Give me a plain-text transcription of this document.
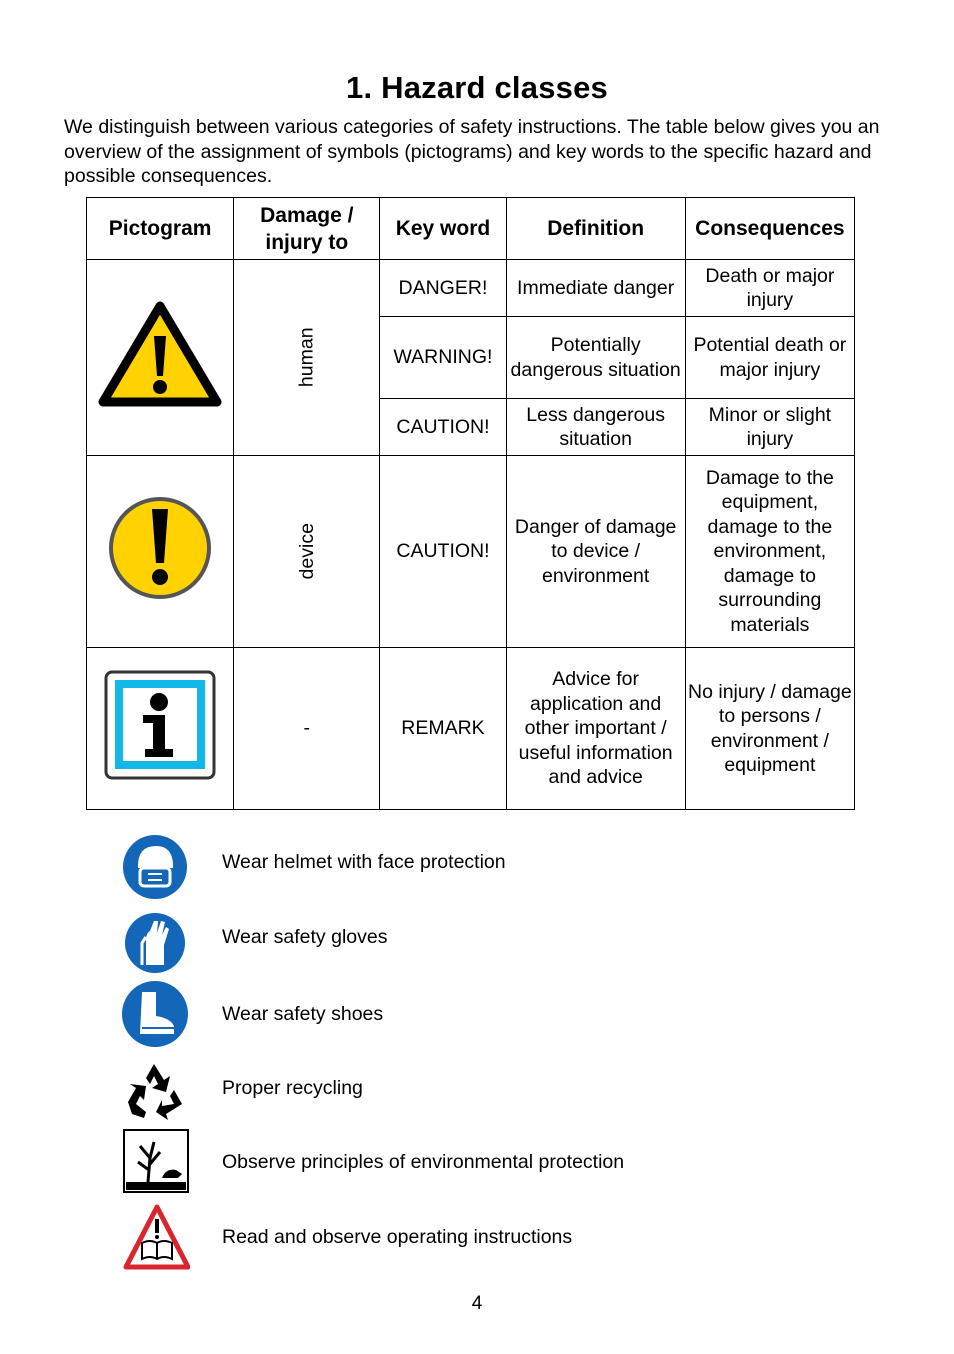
1. Hazard classes
We distinguish between various categories of safety instructions. The table below gives you an overview of the assignment of symbols (pictograms) and key words to the specific hazard and possible consequences.
Pictogram	Damage / injury to	Key word	Definition	Consequences
	human	DANGER!	Immediate danger	Death or major injury
		WARNING!	Potentially dangerous situation	Potential death or major injury
		CAUTION!	Less dangerous situation	Minor or slight injury
	device	CAUTION!	Danger of damage to device / environment	Damage to the equipment, damage to the environment, damage to surrounding materials
	-	REMARK	Advice for application and other important / useful information and advice	No injury / damage to persons / environment / equipment
Wear helmet with face protection
Wear safety gloves
Wear safety shoes
Proper recycling
Observe principles of environmental protection
Read and observe operating instructions
4
